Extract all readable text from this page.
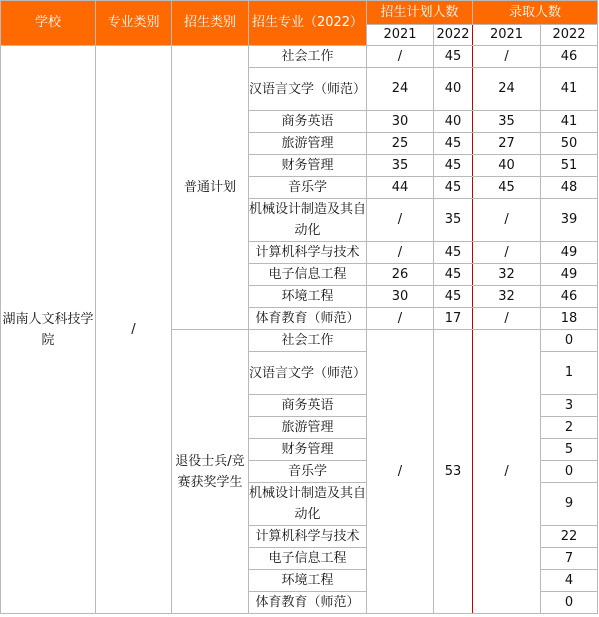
学校	专业类别	招生类别	招生专业（2022）	招生计划人数		录取人数	
				2021	2022	2021	2022
湖南人文科技学院	/	普通计划	社会工作	/	45	/	46
			汉语言文学（师范）	24	40	24	41
			商务英语	30	40	35	41
			旅游管理	25	45	27	50
			财务管理	35	45	40	51
			音乐学	44	45	45	48
			机械设计制造及其自动化	/	35	/	39
			计算机科学与技术	/	45	/	49
			电子信息工程	26	45	32	49
			环境工程	30	45	32	46
			体育教育（师范）	/	17	/	18
		退役士兵/竞赛获奖学生	社会工作	/	53	/	0
			汉语言文学（师范）				1
			商务英语				3
			旅游管理				2
			财务管理				5
			音乐学				0
			机械设计制造及其自动化				9
			计算机科学与技术				22
			电子信息工程				7
			环境工程				4
			体育教育（师范）				0
